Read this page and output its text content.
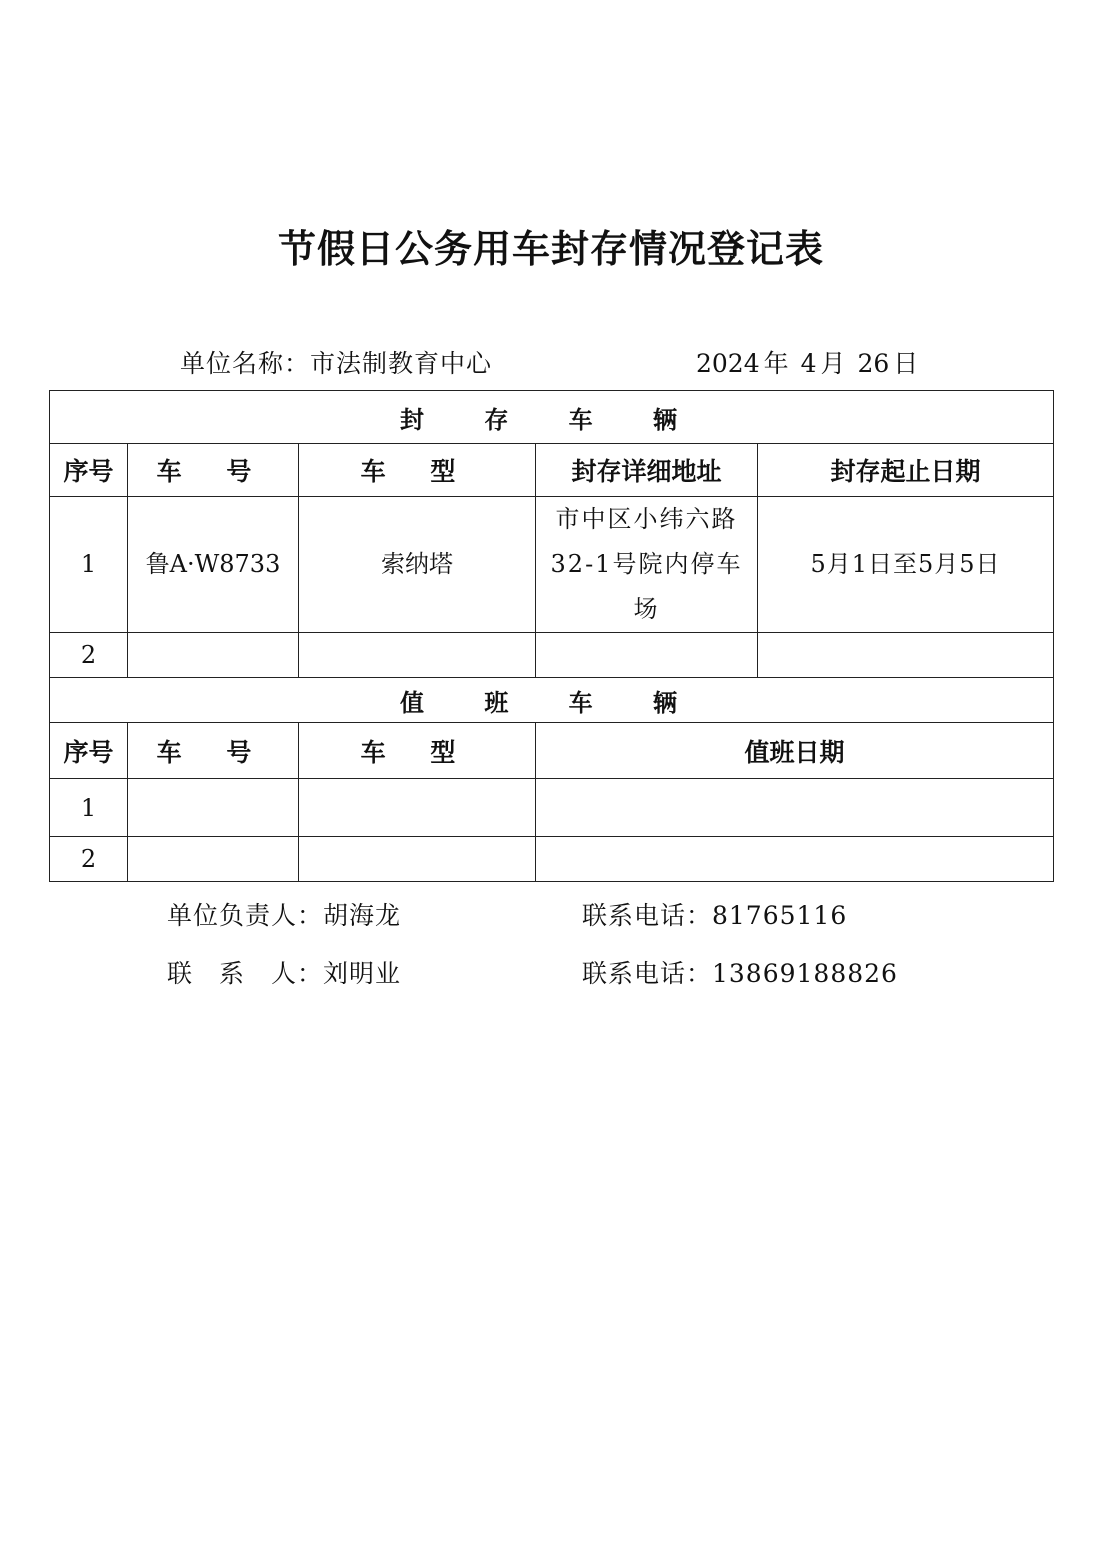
节假日公务用车封存情况登记表
单位名称：市法制教育中心	2024 年 4 月 26 日
封 存 车 辆				
序号	车 号	车 型	封存详细地址	封存起止日期
1	鲁A·W8733	索纳塔	市中区小纬六路32-1号院内停车场	5月1日至5月5日
2				
值 班 车 辆				
序号	车 号	车 型	值班日期	
1				
2				
单位负责人：胡海龙	联系电话：81765116
联　系　人：刘明业	联系电话：13869188826
